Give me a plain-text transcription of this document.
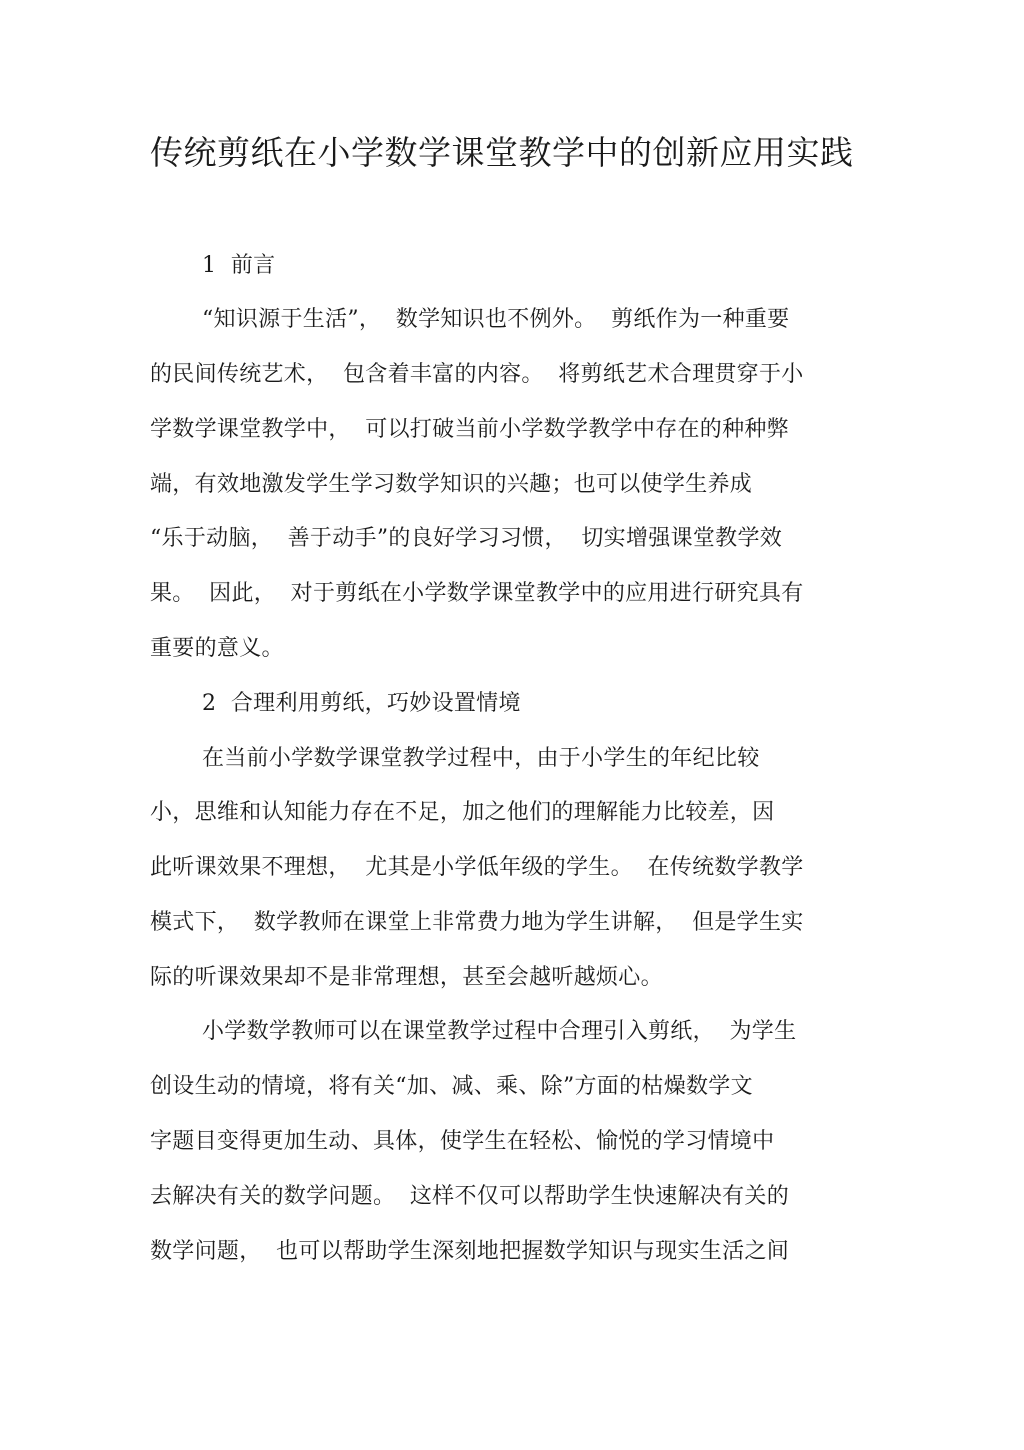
传统剪纸在小学数学课堂教学中的创新应用实践
1  前言
“知识源于生活”，  数学知识也不例外。  剪纸作为一种重要
的民间传统艺术，  包含着丰富的内容。  将剪纸艺术合理贯穿于小
学数学课堂教学中，  可以打破当前小学数学教学中存在的种种弊
端，有效地激发学生学习数学知识的兴趣；也可以使学生养成
“乐于动脑，  善于动手”的良好学习习惯，  切实增强课堂教学效
果。  因此，  对于剪纸在小学数学课堂教学中的应用进行研究具有
重要的意义。
2  合理利用剪纸，巧妙设置情境
在当前小学数学课堂教学过程中，由于小学生的年纪比较
小，思维和认知能力存在不足，加之他们的理解能力比较差，因
此听课效果不理想，  尤其是小学低年级的学生。  在传统数学教学
模式下，  数学教师在课堂上非常费力地为学生讲解，  但是学生实
际的听课效果却不是非常理想，甚至会越听越烦心。
小学数学教师可以在课堂教学过程中合理引入剪纸，  为学生
创设生动的情境，将有关“加、减、乘、除”方面的枯燥数学文
字题目变得更加生动、具体，使学生在轻松、愉悦的学习情境中
去解决有关的数学问题。  这样不仅可以帮助学生快速解决有关的
数学问题，  也可以帮助学生深刻地把握数学知识与现实生活之间
